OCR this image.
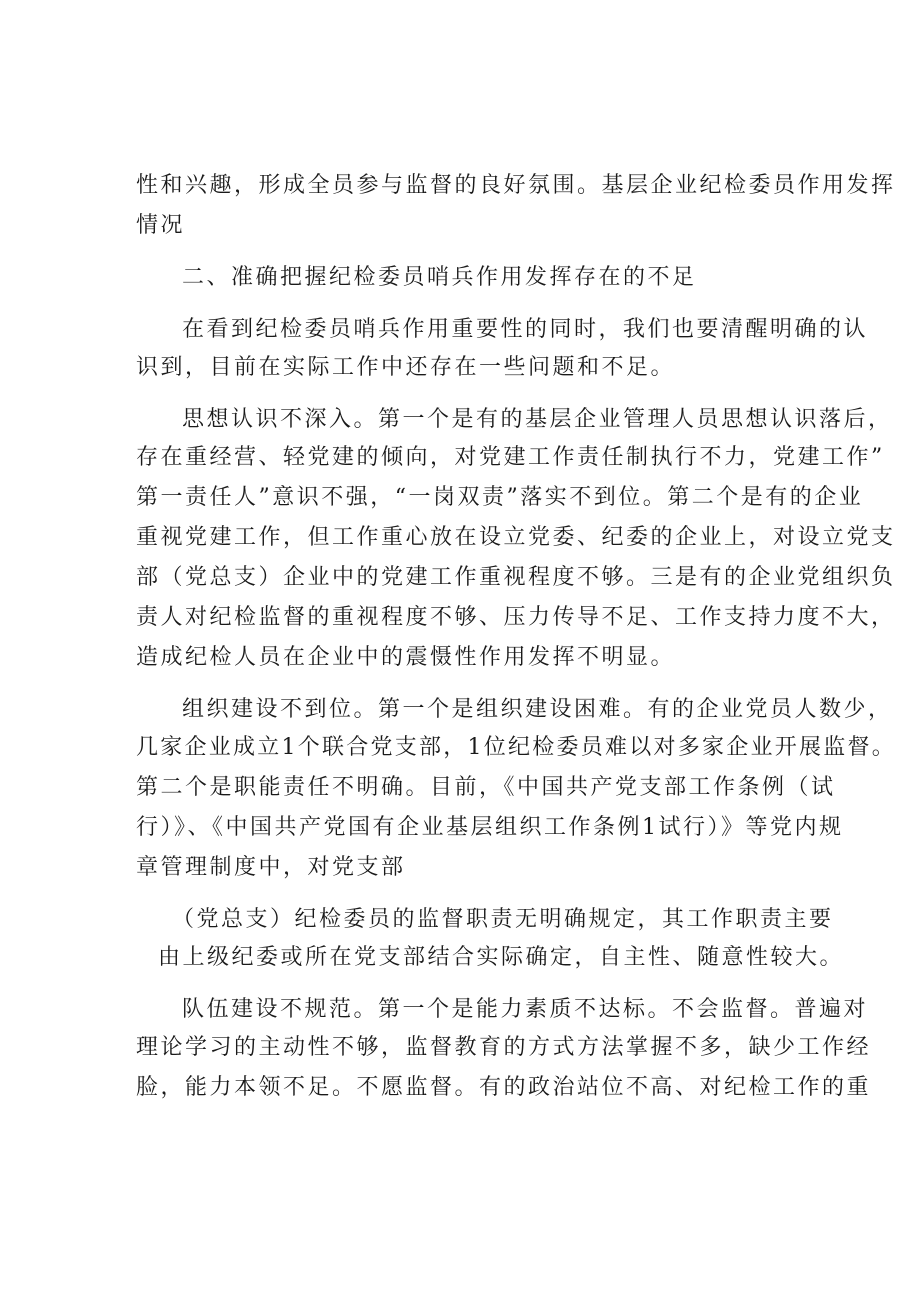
性和兴趣，形成全员参与监督的良好氛围。基层企业纪检委员作用发挥

情况

二、准确把握纪检委员哨兵作用发挥存在的不足

在看到纪检委员哨兵作用重要性的同时，我们也要清醒明确的认

识到，目前在实际工作中还存在一些问题和不足。

思想认识不深入。第一个是有的基层企业管理人员思想认识落后，

存在重经营、轻党建的倾向，对党建工作责任制执行不力，党建工作”

第一责任人”意识不强，“一岗双责”落实不到位。第二个是有的企业

重视党建工作，但工作重心放在设立党委、纪委的企业上，对设立党支

部（党总支）企业中的党建工作重视程度不够。三是有的企业党组织负

责人对纪检监督的重视程度不够、压力传导不足、工作支持力度不大，

造成纪检人员在企业中的震慑性作用发挥不明显。

组织建设不到位。第一个是组织建设困难。有的企业党员人数少，

几家企业成立1个联合党支部，1位纪检委员难以对多家企业开展监督。

第二个是职能责任不明确。目前，《中国共产党支部工作条例（试

行）》、《中国共产党国有企业基层组织工作条例1试行）》等党内规

章管理制度中，对党支部

（党总支）纪检委员的监督职责无明确规定，其工作职责主要

由上级纪委或所在党支部结合实际确定，自主性、随意性较大。

队伍建设不规范。第一个是能力素质不达标。不会监督。普遍对

理论学习的主动性不够，监督教育的方式方法掌握不多，缺少工作经

脸，能力本领不足。不愿监督。有的政治站位不高、对纪检工作的重
